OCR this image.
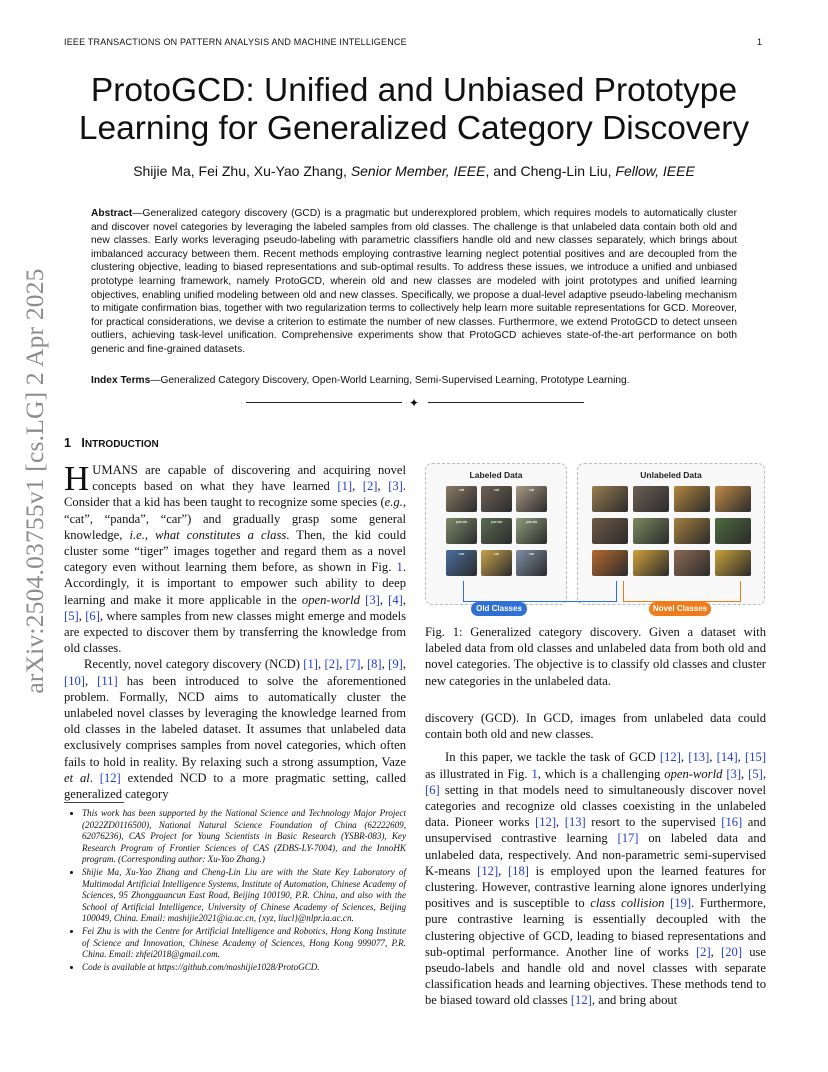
IEEE TRANSACTIONS ON PATTERN ANALYSIS AND MACHINE INTELLIGENCE	1
arXiv:2504.03755v1 [cs.LG] 2 Apr 2025
ProtoGCD: Unified and Unbiased Prototype
Learning for Generalized Category Discovery
Shijie Ma, Fei Zhu, Xu-Yao Zhang, Senior Member, IEEE, and Cheng-Lin Liu, Fellow, IEEE
Abstract—Generalized category discovery (GCD) is a pragmatic but underexplored problem, which requires models to automatically cluster and discover novel categories by leveraging the labeled samples from old classes. The challenge is that unlabeled data contain both old and new classes. Early works leveraging pseudo-labeling with parametric classifiers handle old and new classes separately, which brings about imbalanced accuracy between them. Recent methods employing contrastive learning neglect potential positives and are decoupled from the clustering objective, leading to biased representations and sub-optimal results. To address these issues, we introduce a unified and unbiased prototype learning framework, namely ProtoGCD, wherein old and new classes are modeled with joint prototypes and unified learning objectives, enabling unified modeling between old and new classes. Specifically, we propose a dual-level adaptive pseudo-labeling mechanism to mitigate confirmation bias, together with two regularization terms to collectively help learn more suitable representations for GCD. Moreover, for practical considerations, we devise a criterion to estimate the number of new classes. Furthermore, we extend ProtoGCD to detect unseen outliers, achieving task-level unification. Comprehensive experiments show that ProtoGCD achieves state-of-the-art performance on both generic and fine-grained datasets.
Index Terms—Generalized Category Discovery, Open-World Learning, Semi-Supervised Learning, Prototype Learning.
✦
1 INTRODUCTION

HUMANS are capable of discovering and acquiring novel concepts based on what they have learned [1], [2], [3]. Consider that a kid has been taught to recognize some species (e.g., “cat”, “panda”, “car”) and gradually grasp some general knowledge, i.e., what constitutes a class. Then, the kid could cluster some “tiger” images together and regard them as a novel category even without learning them before, as shown in Fig. 1. Accordingly, it is important to empower such ability to deep learning and make it more applicable in the open-world [3], [4], [5], [6], where samples from new classes might emerge and models are expected to discover them by transferring the knowledge from old classes.

Recently, novel category discovery (NCD) [1], [2], [7], [8], [9], [10], [11] has been introduced to solve the aforementioned problem. Formally, NCD aims to automatically cluster the unlabeled novel classes by leveraging the knowledge learned from old classes in the labeled dataset. It assumes that unlabeled data exclusively comprises samples from novel categories, which often fails to hold in reality. By relaxing such a strong assumption, Vaze et al. [12] extended NCD to a more pragmatic setting, called generalized category

• This work has been supported by the National Science and Technology Major Project (2022ZD0116500), National Natural Science Foundation of China (62222609, 62076236), CAS Project for Young Scientists in Basic Research (YSBR-083), Key Research Program of Frontier Sciences of CAS (ZDBS-LY-7004), and the InnoHK program. (Corresponding author: Xu-Yao Zhang.)
• Shijie Ma, Xu-Yao Zhang and Cheng-Lin Liu are with the State Key Laboratory of Multimodal Artificial Intelligence Systems, Institute of Automation, Chinese Academy of Sciences, 95 Zhongguancun East Road, Beijing 100190, P.R. China, and also with the School of Artificial Intelligence, University of Chinese Academy of Sciences, Beijing 100049, China. Email: mashijie2021@ia.ac.cn, {xyz, liucl}@nlpr.ia.ac.cn.
• Fei Zhu is with the Centre for Artificial Intelligence and Robotics, Hong Kong Institute of Science and Innovation, Chinese Academy of Sciences, Hong Kong 999077, P.R. China. Email: zhfei2018@gmail.com.
• Code is available at https://github.com/mashijie1028/ProtoGCD.
Labeled Data
cat	cat	cat
panda	panda	panda
car	car	car
Unlabeled Data
Old Classes	Novel Classes
Fig. 1: Generalized category discovery. Given a dataset with labeled data from old classes and unlabeled data from both old and novel categories. The objective is to classify old classes and cluster new categories in the unlabeled data.

discovery (GCD). In GCD, images from unlabeled data could contain both old and new classes.

In this paper, we tackle the task of GCD [12], [13], [14], [15] as illustrated in Fig. 1, which is a challenging open-world [3], [5], [6] setting in that models need to simultaneously discover novel categories and recognize old classes coexisting in the unlabeled data. Pioneer works [12], [13] resort to the supervised [16] and unsupervised contrastive learning [17] on labeled data and unlabeled data, respectively. And non-parametric semi-supervised K-means [12], [18] is employed upon the learned features for clustering. However, contrastive learning alone ignores underlying positives and is susceptible to class collision [19]. Furthermore, pure contrastive learning is essentially decoupled with the clustering objective of GCD, leading to biased representations and sub-optimal performance. Another line of works [2], [20] use pseudo-labels and handle old and novel classes with separate classification heads and learning objectives. These methods tend to be biased toward old classes [12], and bring about
